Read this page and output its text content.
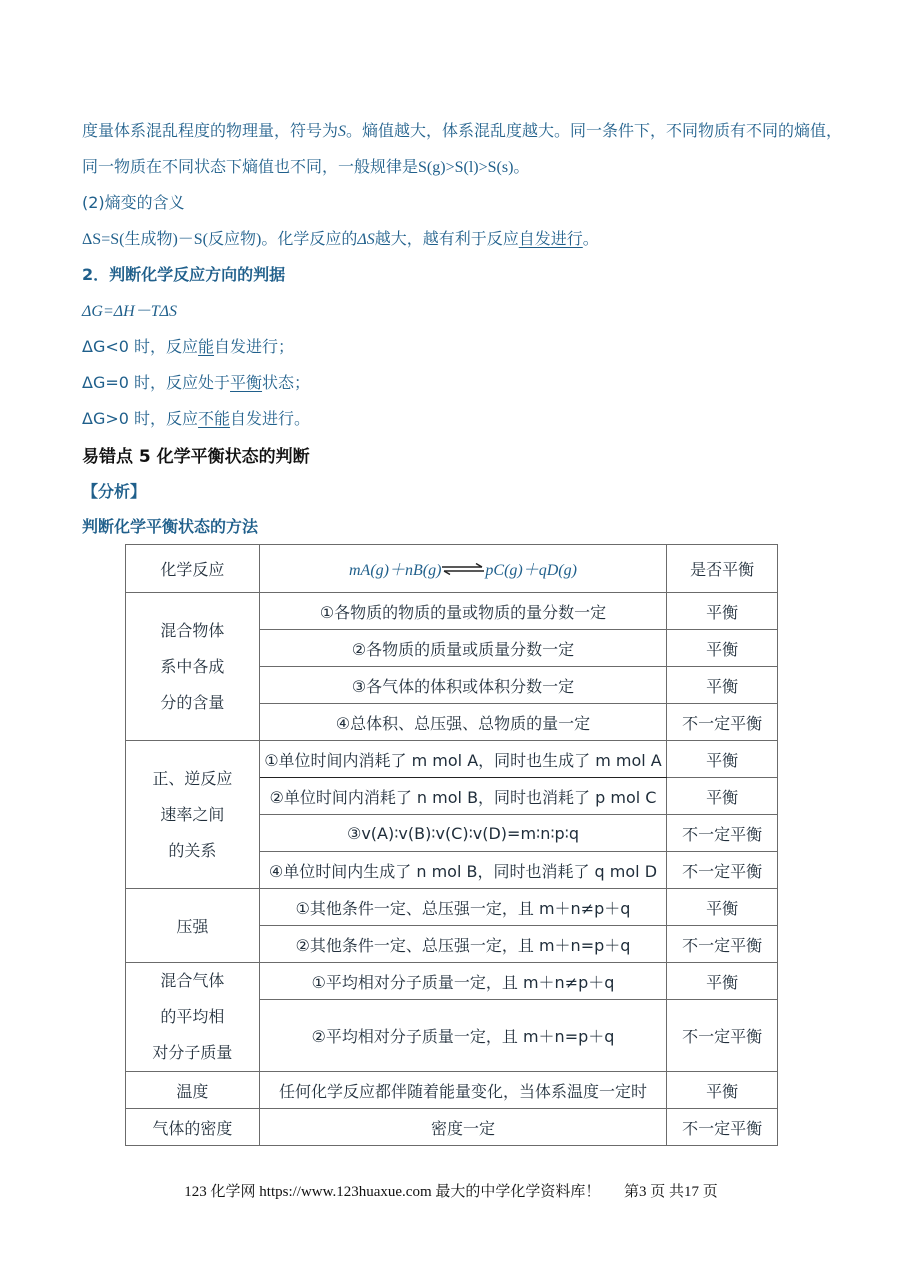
度量体系混乱程度的物理量，符号为S。熵值越大，体系混乱度越大。同一条件下，不同物质有不同的熵值，
同一物质在不同状态下熵值也不同，一般规律是S(g)>S(l)>S(s)。
(2)熵变的含义
ΔS=S(生成物)－S(反应物)。化学反应的ΔS越大，越有利于反应自发进行。
2．判断化学反应方向的判据
ΔG=ΔH－TΔS
ΔG<0 时，反应能自发进行；
ΔG=0 时，反应处于平衡状态；
ΔG>0 时，反应不能自发进行。
易错点 5 化学平衡状态的判断
【分析】
判断化学平衡状态的方法
化学反应	mA(g)＋nB(g)⇌pC(g)＋qD(g)	是否平衡

混合物体
系中各成
分的含量	①各物质的物质的量或物质的量分数一定	平衡
	②各物质的质量或质量分数一定	平衡
	③各气体的体积或体积分数一定	平衡
	④总体积、总压强、总物质的量一定	不一定平衡

正、逆反应
速率之间
的关系	①单位时间内消耗了 m mol A，同时也生成了 m mol A	平衡
	②单位时间内消耗了 n mol B，同时也消耗了 p mol C	平衡
	③v(A)∶v(B)∶v(C)∶v(D)=m∶n∶p∶q	不一定平衡
	④单位时间内生成了 n mol B，同时也消耗了 q mol D	不一定平衡

压强	①其他条件一定、总压强一定，且 m＋n≠p＋q	平衡
	②其他条件一定、总压强一定，且 m＋n=p＋q	不一定平衡

混合气体
的平均相
对分子质量	①平均相对分子质量一定，且 m＋n≠p＋q	平衡
	②平均相对分子质量一定，且 m＋n=p＋q	不一定平衡

温度	任何化学反应都伴随着能量变化，当体系温度一定时	平衡

气体的密度	密度一定	不一定平衡
123 化学网 https://www.123huaxue.com 最大的中学化学资料库！ 第3 页 共17 页
